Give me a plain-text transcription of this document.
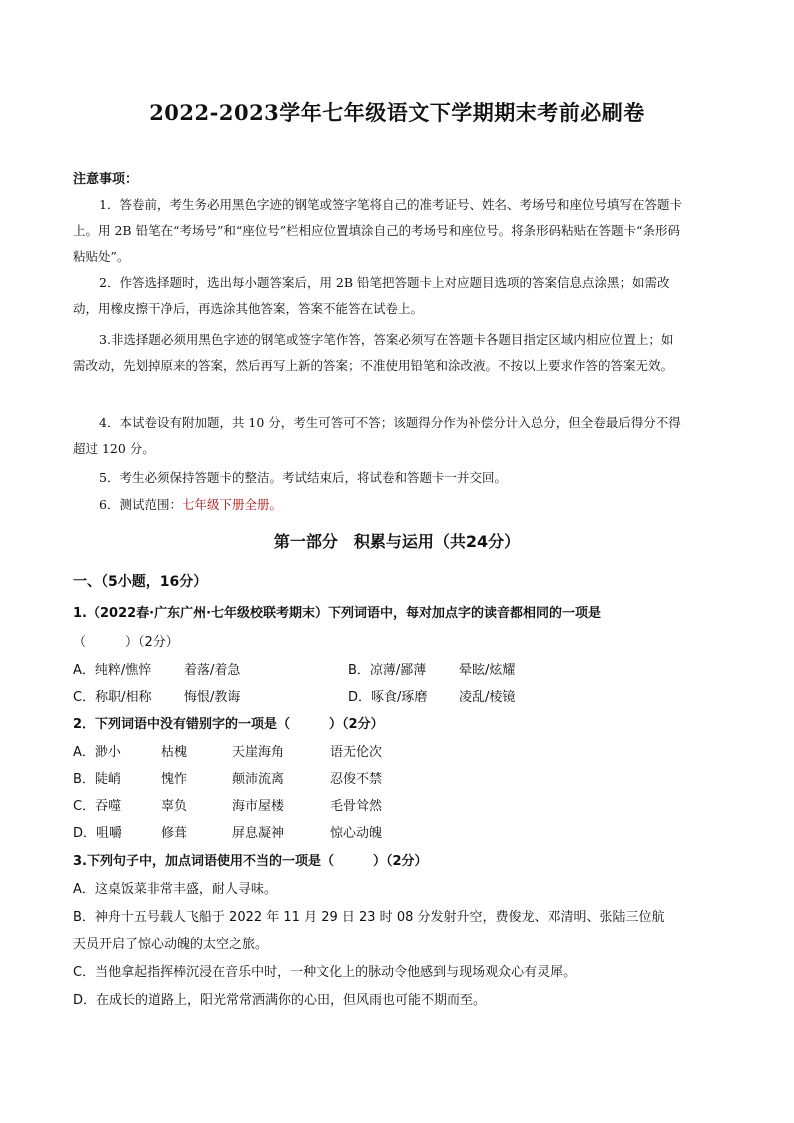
2022-2023学年七年级语文下学期期末考前必刷卷
注意事项：
1．答卷前，考生务必用黑色字迹的钢笔或签字笔将自己的准考证号、姓名、考场号和座位号填写在答题卡上。用 2B 铅笔在“考场号”和“座位号”栏相应位置填涂自己的考场号和座位号。将条形码粘贴在答题卡“条形码粘贴处”。
2．作答选择题时，选出每小题答案后，用 2B 铅笔把答题卡上对应题目选项的答案信息点涂黑；如需改动，用橡皮擦干净后，再选涂其他答案，答案不能答在试卷上。
3.非选择题必须用黑色字迹的钢笔或签字笔作答，答案必须写在答题卡各题目指定区域内相应位置上；如需改动，先划掉原来的答案，然后再写上新的答案；不准使用铅笔和涂改液。不按以上要求作答的答案无效。
4．本试卷设有附加题，共 10 分，考生可答可不答；该题得分作为补偿分计入总分，但全卷最后得分不得超过 120 分。
5．考生必须保持答题卡的整洁。考试结束后，将试卷和答题卡一并交回。
6．测试范围：七年级下册全册。
第一部分　积累与运用（共24分）
一、（5小题，16分）
1.（2022春·广东广州·七年级校联考期末）下列词语中，每对加点字的读音都相同的一项是
（　　　）（2分）
A．纯粹/憔悴	着落/着急	B．凉薄/鄙薄	晕眩/炫耀
C．称职/相称	悔恨/教诲	D．啄食/琢磨 凌乱/棱镜
2．下列词语中没有错别字的一项是（　　　）（2分）
A．渺小	枯槐	天崖海角	语无伦次
B．陡峭	愧怍	颠沛流离	忍俊不禁
C．吞噬	辜负	海市屋楼	毛骨耸然
D．咀嚼	修葺	屏息凝神	惊心动魄
3.下列句子中，加点词语使用不当的一项是（　　　）（2分）
A．这桌饭菜非常丰盛，耐人寻味。
B．神舟十五号载人飞船于 2022 年 11 月 29 日 23 时 08 分发射升空，费俊龙、邓清明、张陆三位航
天员开启了惊心动魄的太空之旅。
C．当他拿起指挥棒沉浸在音乐中时，一种文化上的脉动令他感到与现场观众心有灵犀。
D．在成长的道路上，阳光常常洒满你的心田，但风雨也可能不期而至。
